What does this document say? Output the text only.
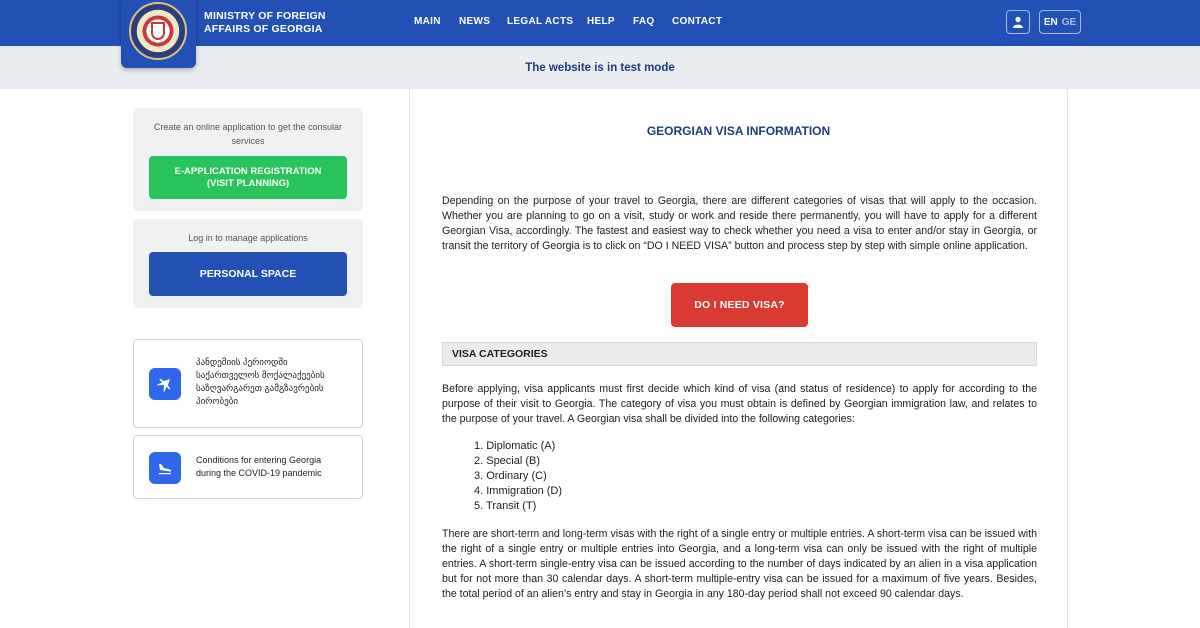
MINISTRY OF FOREIGN
AFFAIRS OF GEORGIA
MAIN NEWS LEGAL ACTS HELP FAQ CONTACT	EN GE
The website is in test mode
Create an online application to get the consular services
E-APPLICATION REGISTRATION
(VISIT PLANNING)
Log in to manage applications
PERSONAL SPACE
პანდემიის პერიოდში საქართველოს მოქალაქეების საზღვარგარეთ გამგზავრების პირობები
Conditions for entering Georgia during the COVID-19 pandemic
GEORGIAN VISA INFORMATION

Depending on the purpose of your travel to Georgia, there are different categories of visas that will apply to the occasion. Whether you are planning to go on a visit, study or work and reside there permanently, you will have to apply for a different Georgian Visa, accordingly. The fastest and easiest way to check whether you need a visa to enter and/or stay in Georgia, or transit the territory of Georgia is to click on “DO I NEED VISA” button and process step by step with simple online application.

DO I NEED VISA?
VISA CATEGORIES

Before applying, visa applicants must first decide which kind of visa (and status of residence) to apply for according to the purpose of their visit to Georgia. The category of visa you must obtain is defined by Georgian immigration law, and relates to the purpose of your travel. A Georgian visa shall be divided into the following categories:

1. Diplomatic (A)
2. Special (B)
3. Ordinary (C)
4. Immigration (D)
5. Transit (T)

There are short-term and long-term visas with the right of a single entry or multiple entries. A short-term visa can be issued with the right of a single entry or multiple entries into Georgia, and a long-term visa can only be issued with the right of multiple entries. A short-term single-entry visa can be issued according to the number of days indicated by an alien in a visa application but for not more than 30 calendar days. A short-term multiple-entry visa can be issued for a maximum of five years. Besides, the total period of an alien’s entry and stay in Georgia in any 180-day period shall not exceed 90 calendar days.
